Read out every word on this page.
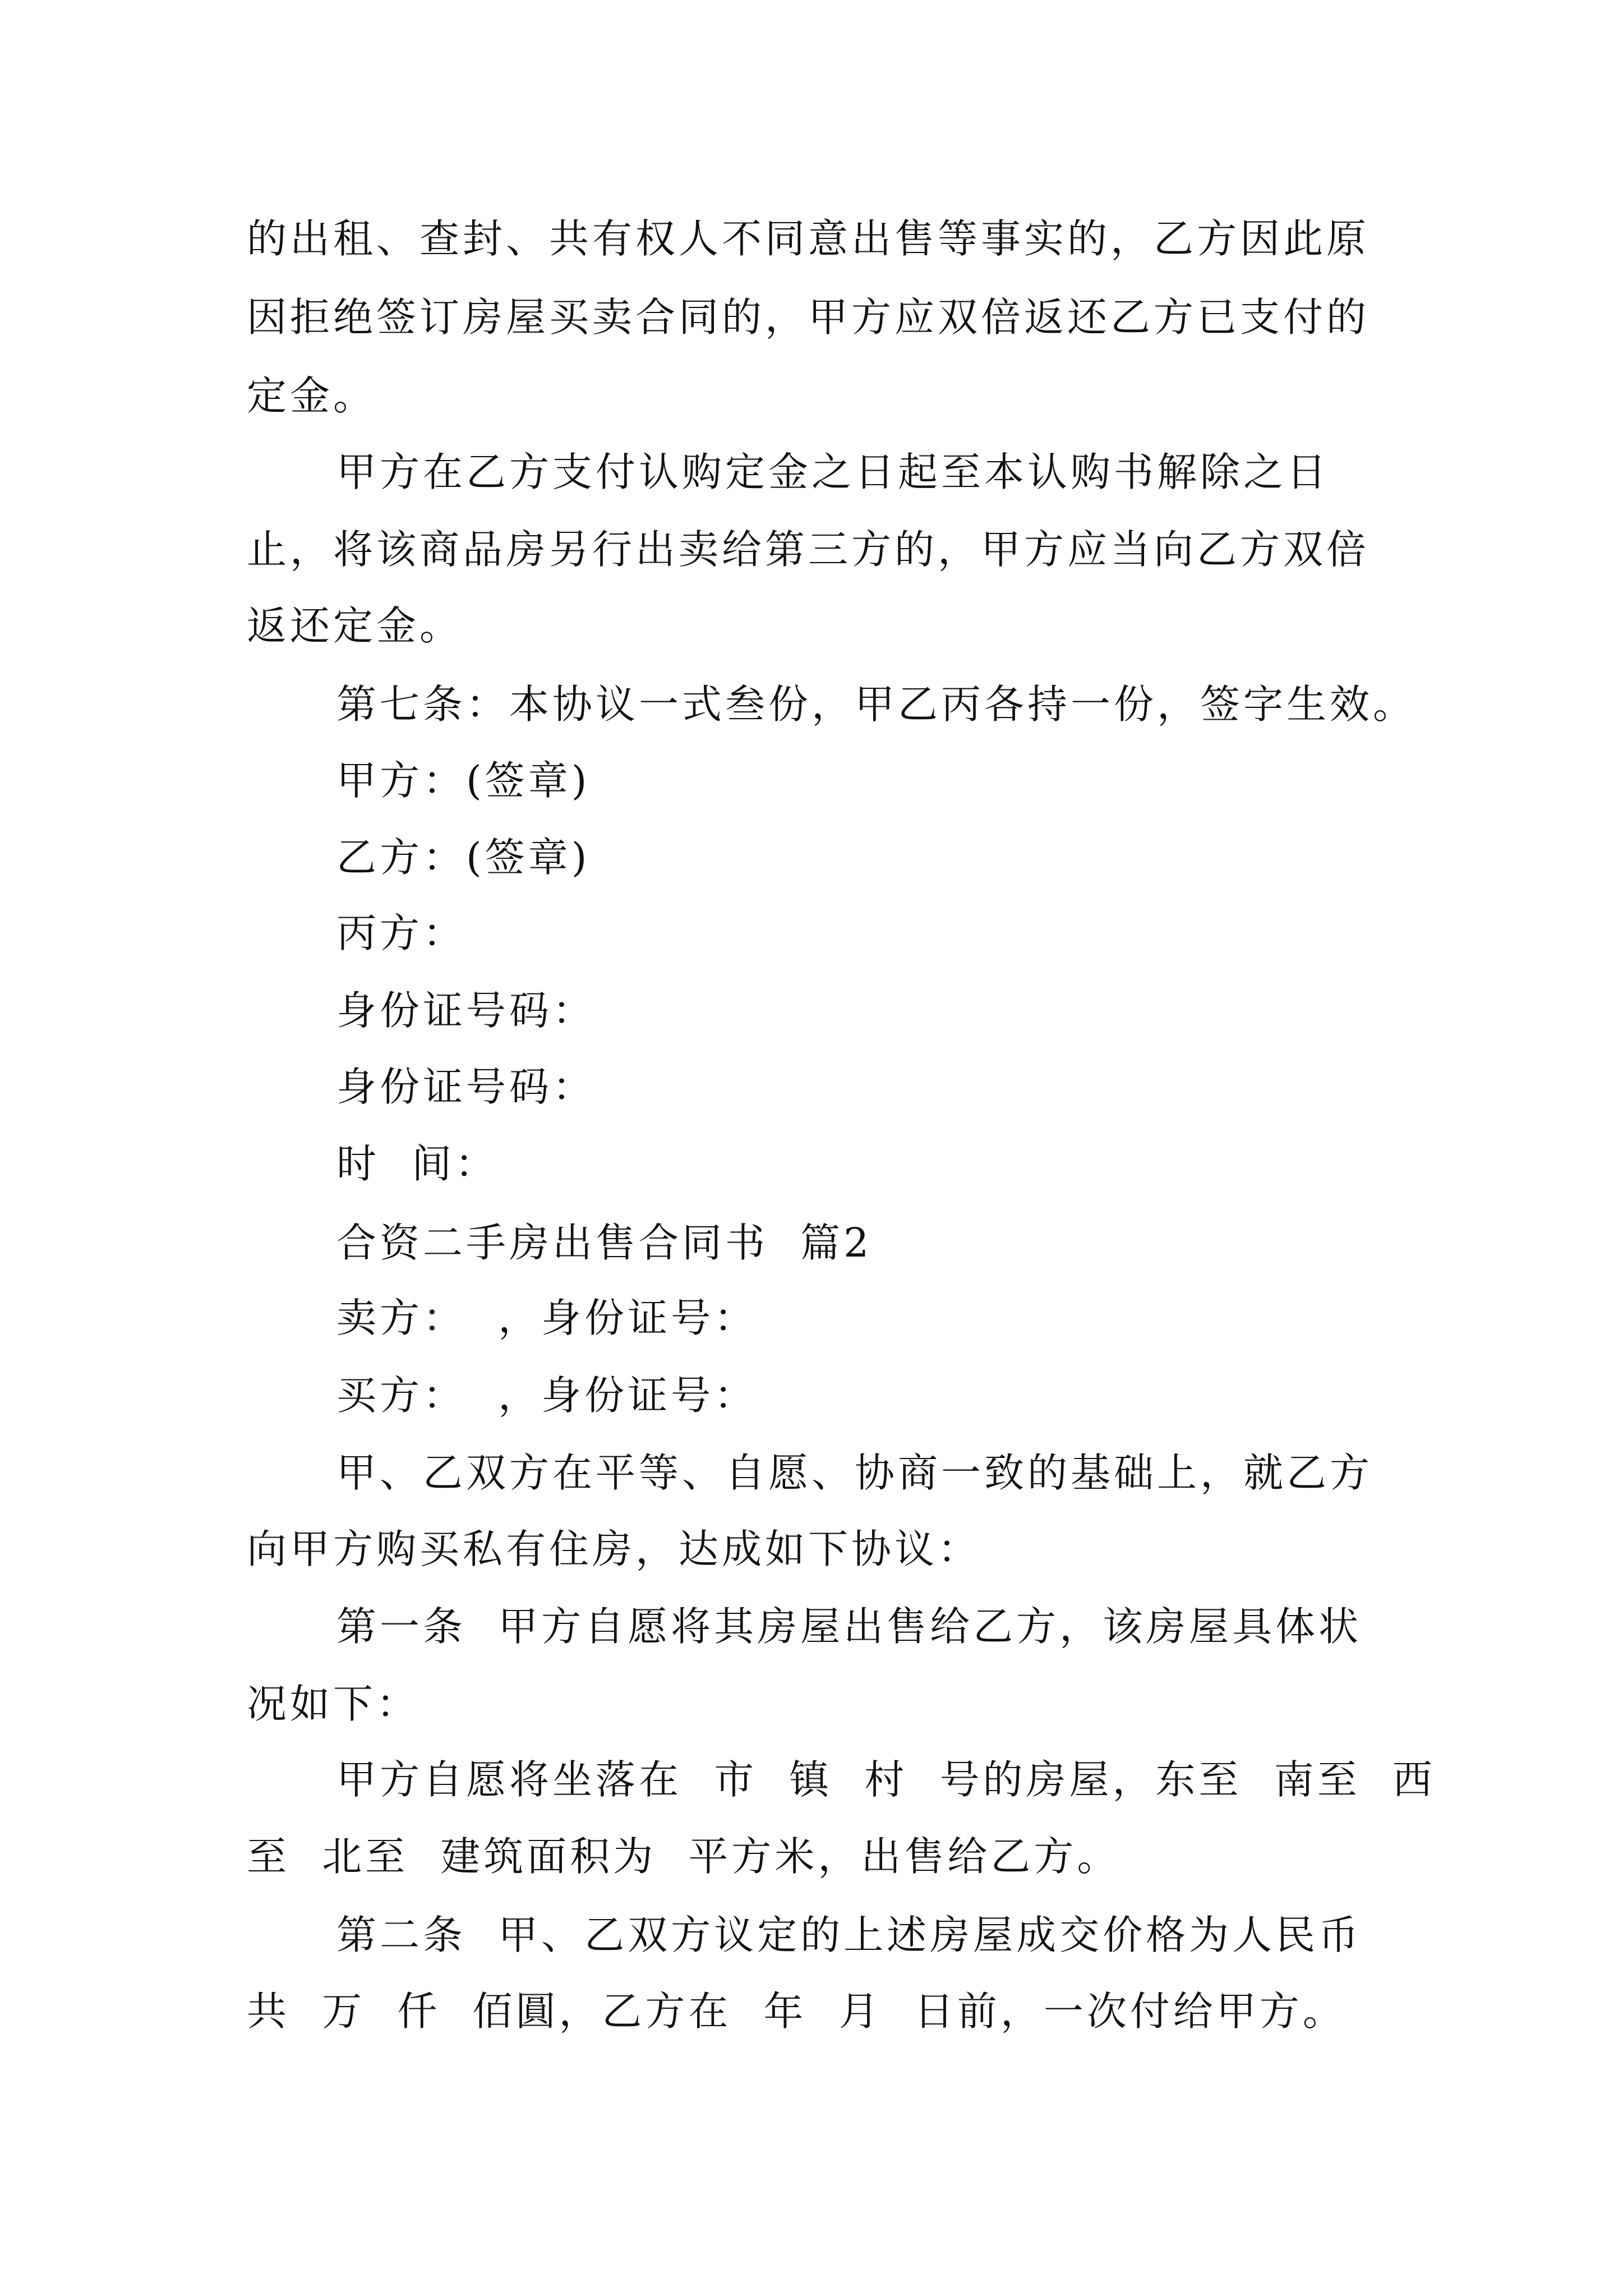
的出租、查封、共有权人不同意出售等事实的，乙方因此原
因拒绝签订房屋买卖合同的，甲方应双倍返还乙方已支付的
定金。
甲方在乙方支付认购定金之日起至本认购书解除之日
止，将该商品房另行出卖给第三方的，甲方应当向乙方双倍
返还定金。
第七条：本协议一式叁份，甲乙丙各持一份，签字生效。
甲方：(签章)
乙方：(签章)
丙方：
身份证号码：
身份证号码：
时  间：
合资二手房出售合同书  篇2
卖方：  ，身份证号：
买方：  ，身份证号：
甲、乙双方在平等、自愿、协商一致的基础上，就乙方
向甲方购买私有住房，达成如下协议：
第一条  甲方自愿将其房屋出售给乙方，该房屋具体状
况如下：
甲方自愿将坐落在  市  镇  村  号的房屋，东至  南至  西
至  北至  建筑面积为  平方米，出售给乙方。
第二条  甲、乙双方议定的上述房屋成交价格为人民币
共  万  仟  佰圓，乙方在  年  月  日前，一次付给甲方。
